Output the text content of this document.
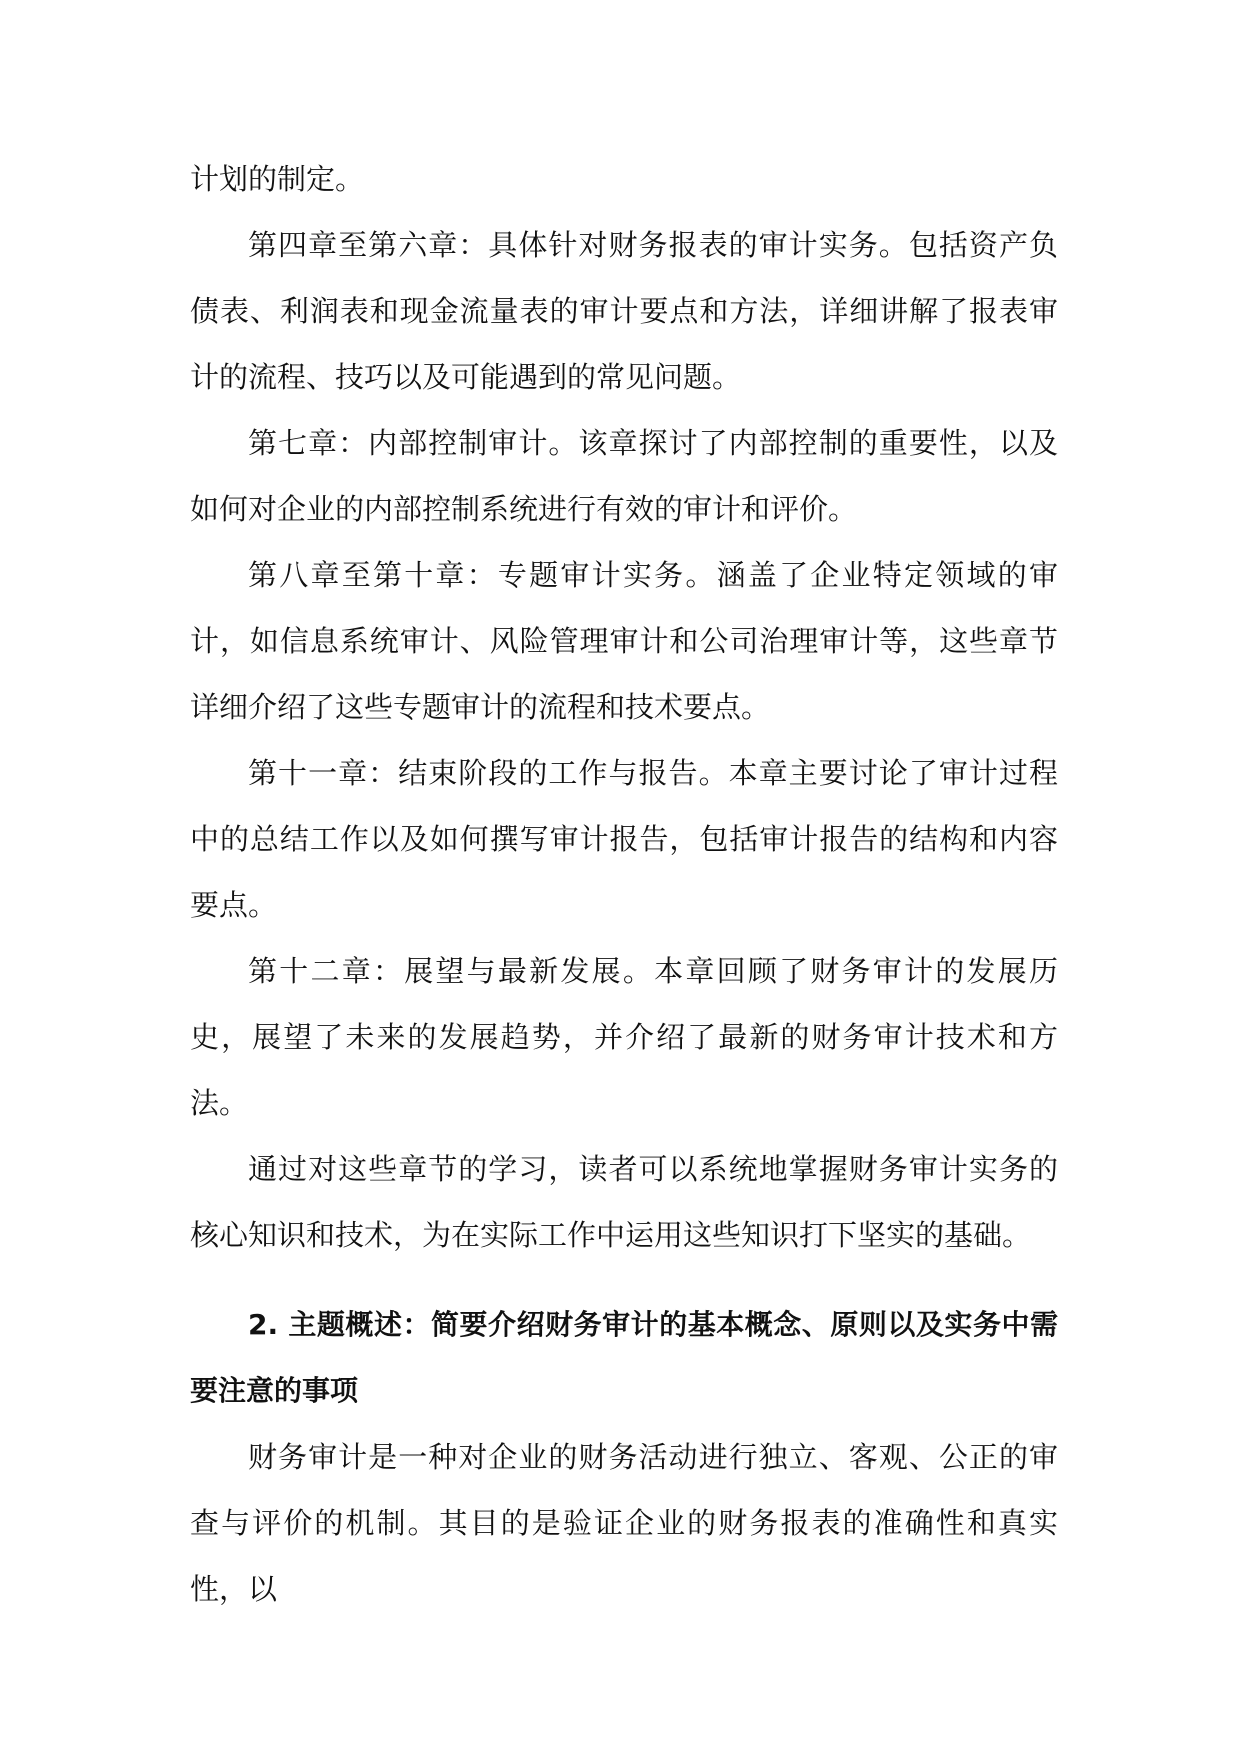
计划的制定。

第四章至第六章：具体针对财务报表的审计实务。包括资产负债表、利润表和现金流量表的审计要点和方法，详细讲解了报表审计的流程、技巧以及可能遇到的常见问题。

第七章：内部控制审计。该章探讨了内部控制的重要性，以及如何对企业的内部控制系统进行有效的审计和评价。

第八章至第十章：专题审计实务。涵盖了企业特定领域的审计，如信息系统审计、风险管理审计和公司治理审计等，这些章节详细介绍了这些专题审计的流程和技术要点。

第十一章：结束阶段的工作与报告。本章主要讨论了审计过程中的总结工作以及如何撰写审计报告，包括审计报告的结构和内容要点。

第十二章：展望与最新发展。本章回顾了财务审计的发展历史，展望了未来的发展趋势，并介绍了最新的财务审计技术和方法。

通过对这些章节的学习，读者可以系统地掌握财务审计实务的核心知识和技术，为在实际工作中运用这些知识打下坚实的基础。

2. 主题概述：简要介绍财务审计的基本概念、原则以及实务中需要注意的事项

财务审计是一种对企业的财务活动进行独立、客观、公正的审查与评价的机制。其目的是验证企业的财务报表的准确性和真实性，以
